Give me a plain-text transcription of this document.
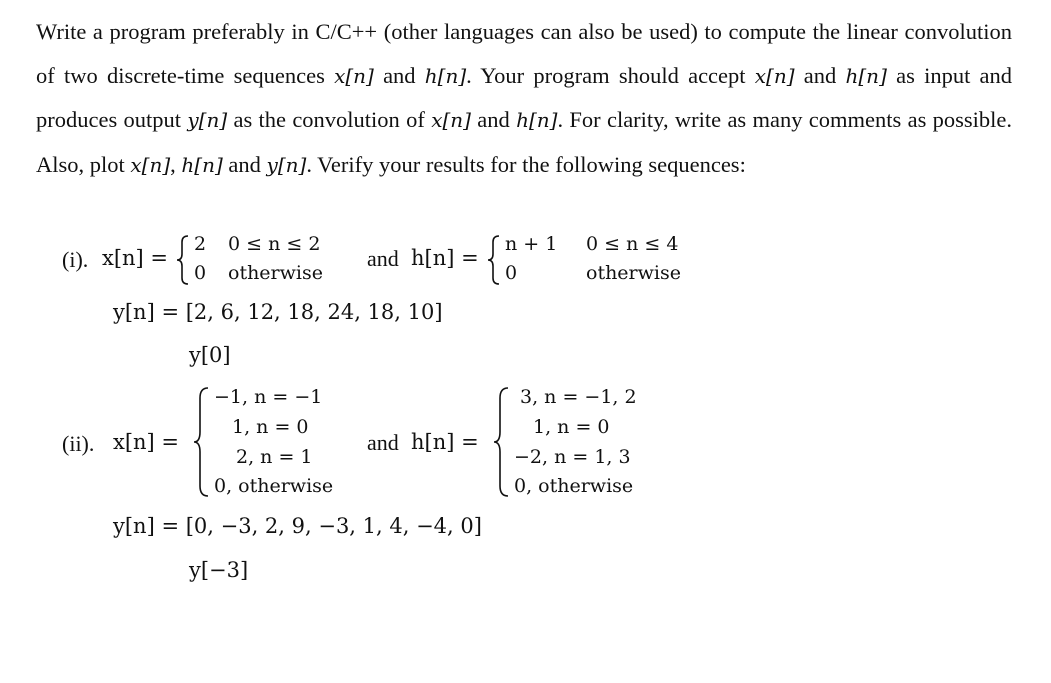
Write a program preferably in C/C++ (other languages can also be used) to compute the linear convolution of two discrete-time sequences x[n] and h[n]. Your program should accept x[n] and h[n] as input and produces output y[n] as the convolution of x[n] and h[n]. For clarity, write as many comments as possible. Also, plot x[n], h[n] and y[n]. Verify your results for the following sequences:
(i). x[n] =
2 0 ≤ n ≤ 2
0 otherwise
and h[n] =
n + 1 0 ≤ n ≤ 4
0	otherwise
y[n] = [2, 6, 12, 18, 24, 18, 10]
y[0]
(ii). x[n] =
−1, n = −1
1, n = 0
2, n = 1
0, otherwise
and h[n] =
3, n = −1, 2
1, n = 0
−2, n = 1, 3
0, otherwise
y[n] = [0, −3, 2, 9, −3, 1, 4, −4, 0]
y[−3]
